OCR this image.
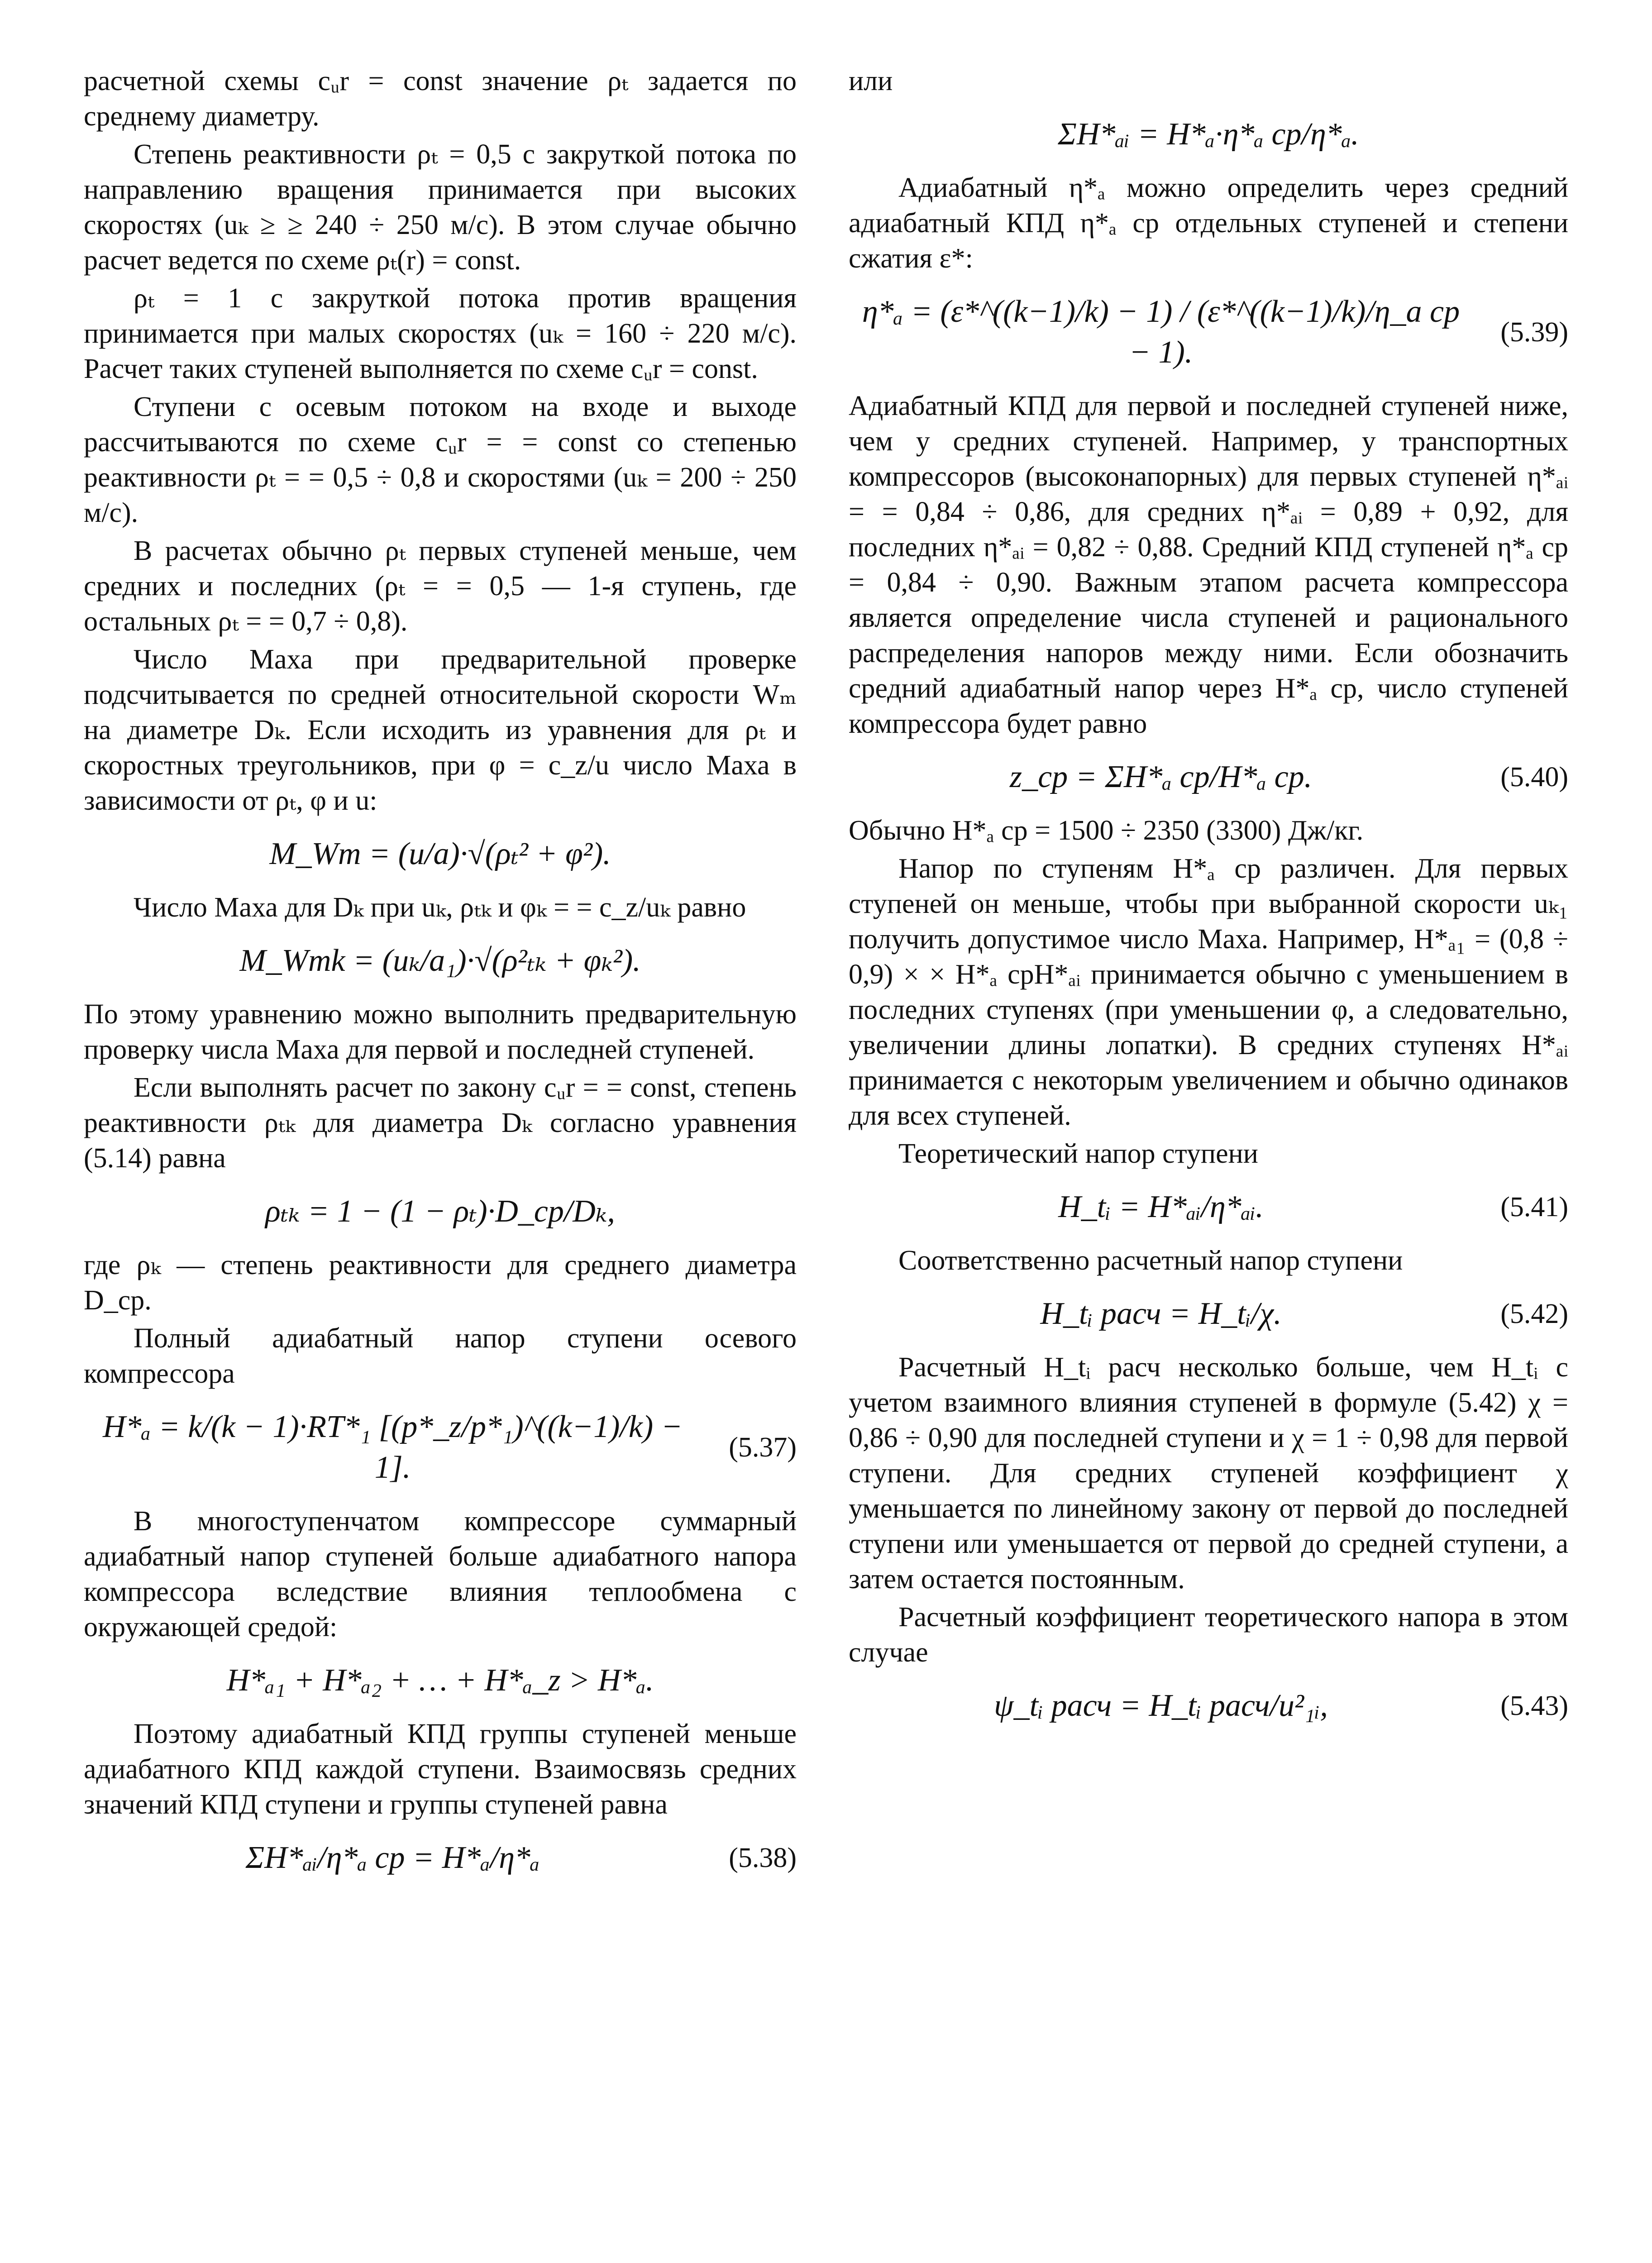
расчетной схемы cᵤr = const значение ρₜ задается по среднему диаметру.

Степень реактивности ρₜ = 0,5 с закруткой потока по направлению вращения принимается при высоких скоростях (uₖ ≥ ≥ 240 ÷ 250 м/с). В этом случае обычно расчет ведется по схеме ρₜ(r) = const.

ρₜ = 1 с закруткой потока против вращения принимается при малых скоростях (uₖ = 160 ÷ 220 м/с). Расчет таких ступеней выполняется по схеме cᵤr = const.

Ступени с осевым потоком на входе и выходе рассчитываются по схеме cᵤr = = const со степенью реактивности ρₜ = = 0,5 ÷ 0,8 и скоростями (uₖ = 200 ÷ 250 м/с).

В расчетах обычно ρₜ первых ступеней меньше, чем средних и последних (ρₜ = = 0,5 — 1-я ступень, где остальных ρₜ = = 0,7 ÷ 0,8).

Число Маха при предварительной проверке подсчитывается по средней относительной скорости Wₘ на диаметре Dₖ. Если исходить из уравнения для ρₜ и скоростных треугольников, при φ = c_z/u число Маха в зависимости от ρₜ, φ и u:

M_Wm = (u/a)·√(ρₜ² + φ²).

Число Маха для Dₖ при uₖ, ρₜₖ и φₖ = = c_z/uₖ равно

M_Wmk = (uₖ/a₁)·√(ρ²ₜₖ + φₖ²).

По этому уравнению можно выполнить предварительную проверку числа Маха для первой и последней ступеней.

Если выполнять расчет по закону cᵤr = = const, степень реактивности ρₜₖ для диаметра Dₖ согласно уравнения (5.14) равна

ρₜₖ = 1 − (1 − ρₜ)·D_ср/Dₖ,

где ρₖ — степень реактивности для среднего диаметра D_ср.

Полный адиабатный напор ступени осевого компрессора

H*ₐ = k/(k − 1)·RT*₁ [(p*_z/p*₁)^((k−1)/k) − 1].
(5.37)

В многоступенчатом компрессоре суммарный адиабатный напор ступеней больше адиабатного напора компрессора вследствие влияния теплообмена с окружающей средой:

H*ₐ₁ + H*ₐ₂ + … + H*ₐ_z > H*ₐ.

Поэтому адиабатный КПД группы ступеней меньше адиабатного КПД каждой ступени. Взаимосвязь средних значений КПД ступени и группы ступеней равна

ΣH*ₐᵢ/η*ₐ ср = H*ₐ/η*ₐ	(5.38)

или

ΣH*ₐᵢ = H*ₐ·η*ₐ ср/η*ₐ.

Адиабатный η*ₐ можно определить через средний адиабатный КПД η*ₐ ср отдельных ступеней и степени сжатия ε*:

η*ₐ = (ε*^((k−1)/k) − 1) / (ε*^((k−1)/k)/η_а ср − 1).
(5.39)

Адиабатный КПД для первой и последней ступеней ниже, чем у средних ступеней. Например, у транспортных компрессоров (высоконапорных) для первых ступеней η*ₐᵢ = = 0,84 ÷ 0,86, для средних η*ₐᵢ = 0,89 + 0,92, для последних η*ₐᵢ = 0,82 ÷ 0,88. Средний КПД ступеней η*ₐ ср = 0,84 ÷ 0,90. Важным этапом расчета компрессора является определение числа ступеней и рационального распределения напоров между ними. Если обозначить средний адиабатный напор через H*ₐ ср, число ступеней компрессора будет равно

z_ср = ΣH*ₐ ср/H*ₐ ср.	(5.40)

Обычно H*ₐ ср = 1500 ÷ 2350 (3300) Дж/кг.

Напор по ступеням H*ₐ ср различен. Для первых ступеней он меньше, чтобы при выбранной скорости uₖ₁ получить допустимое число Маха. Например, H*ₐ₁ = (0,8 ÷ 0,9) × × H*ₐ срH*ₐᵢ принимается обычно с уменьшением в последних ступенях (при уменьшении φ, а следовательно, увеличении длины лопатки). В средних ступенях H*ₐᵢ принимается с некоторым увеличением и обычно одинаков для всех ступеней.

Теоретический напор ступени

H_tᵢ = H*ₐᵢ/η*ₐᵢ.	(5.41)

Соответственно расчетный напор ступени

H_tᵢ расч = H_tᵢ/χ.	(5.42)

Расчетный H_tᵢ расч несколько больше, чем H_tᵢ с учетом взаимного влияния ступеней в формуле (5.42) χ = 0,86 ÷ 0,90 для последней ступени и χ = 1 ÷ 0,98 для первой ступени. Для средних ступеней коэффициент χ уменьшается по линейному закону от первой до последней ступени или уменьшается от первой до средней ступени, а затем остается постоянным.

Расчетный коэффициент теоретического напора в этом случае

ψ_tᵢ расч = H_tᵢ расч/u²₁ᵢ,	(5.43)
